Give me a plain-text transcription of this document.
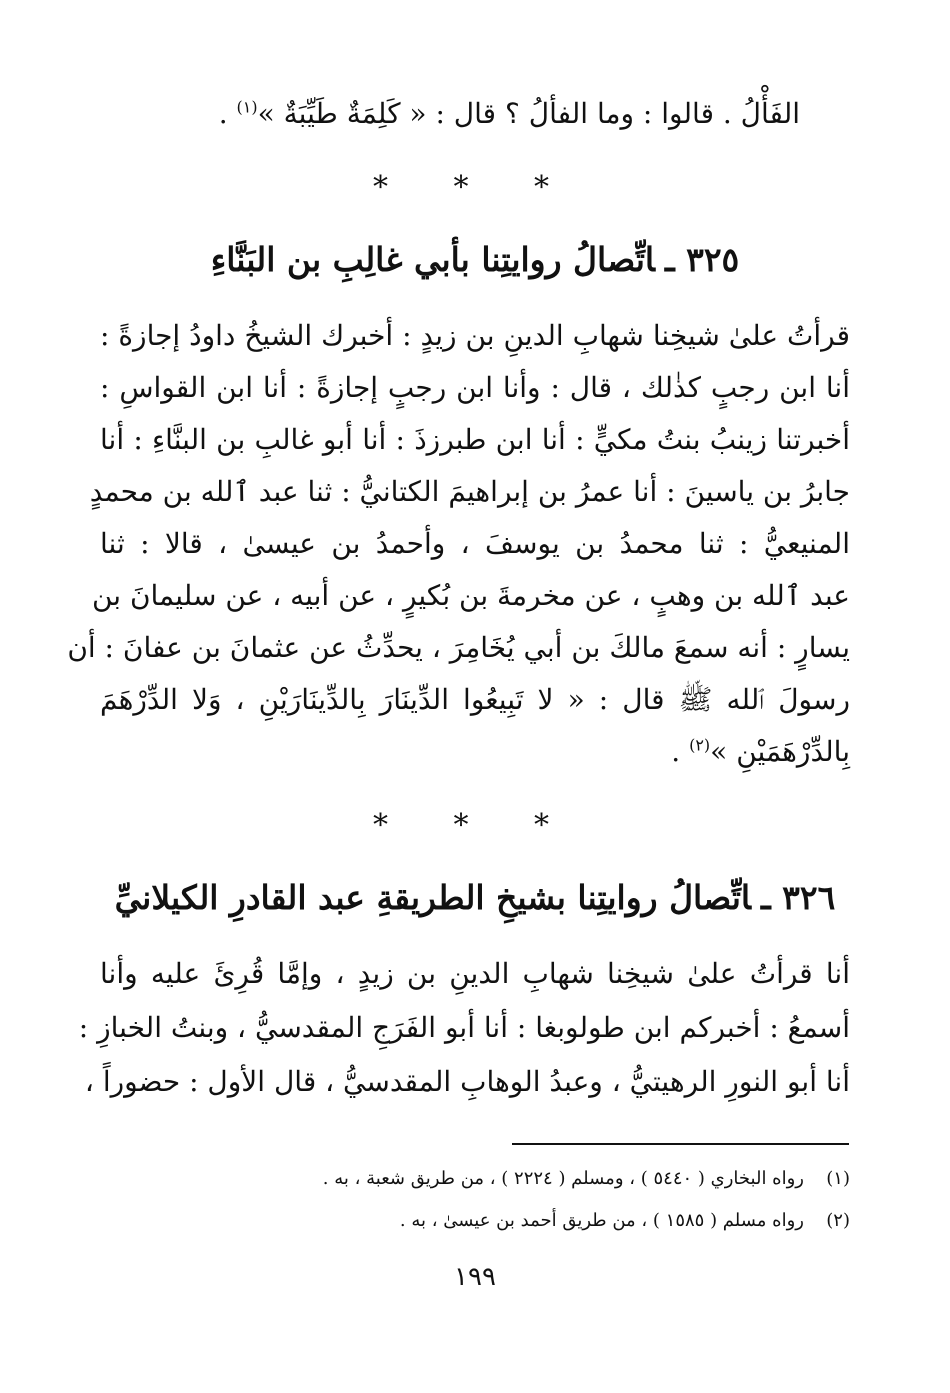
الفَأْلُ . قالوا : وما الفألُ ؟ قال : « كَلِمَةٌ طَيِّبَةٌ »$^{(١)}$ .
* * *
٣٢٥ ـاتِّصالُ روايتِنا بأبي غالِبِ بن البَنَّاءِ
قرأتُ علىٰ شيخِنا شهابِ الدينِ بن زيدٍ : أخبرك الشيخُ داودُ إجازةً :
أنا ابن رجبٍ كذٰلك ، قال : وأنا ابن رجبٍ إجازةً : أنا ابن القواسِ :
أخبرتنا زينبُ بنتُ مكيٍّ : أنا ابن طبرزذَ : أنا أبو غالبِ بن البنَّاءِ : أنا
جابرُ بن ياسينَ : أنا عمرُ بن إبراهيمَ الكتانيُّ : ثنا عبد ٱلله بن محمدٍ
المنيعيُّ : ثنا محمدُ بن يوسفَ ، وأحمدُ بن عيسىٰ ، قالا : ثنا
عبد ٱلله بن وهبٍ ، عن مخرمةَ بن بُكيرٍ ، عن أبيه ، عن سليمانَ بن
يسارٍ : أنه سمعَ مالكَ بن أبي يُخَامِرَ ، يحدِّثُ عن عثمانَ بن عفانَ : أن
رسولَ ٱلله ﷺ قال : « لا تَبِيعُوا الدِّينَارَ بِالدِّينَارَيْنِ ، وَلا الدِّرْهَمَ
بِالدِّرْهَمَيْنِ »$^{(٢)}$ .
* * *
٣٢٦ ـاتِّصالُ روايتِنا بشيخِ الطريقةِ عبد القادرِ الكيلانيِّ
أنا قرأتُ علىٰ شيخِنا شهابِ الدينِ بن زيدٍ ، وإمَّا قُرِئَ عليه وأنا
أسمعُ : أخبركم ابن طولوبغا : أنا أبو الفَرَجِ المقدسيُّ ، وبنتُ الخبازِ :
أنا أبو النورِ الرهيتيُّ ، وعبدُ الوهابِ المقدسيُّ ، قال الأول : حضوراً ،
(١)رواه البخاري ( ٥٤٤٠ ) ، ومسلم ( ٢٢٢٤ ) ، من طريق شعبة ، به .
(٢)رواه مسلم ( ١٥٨٥ ) ، من طريق أحمد بن عيسىٰ ، به .
١٩٩
